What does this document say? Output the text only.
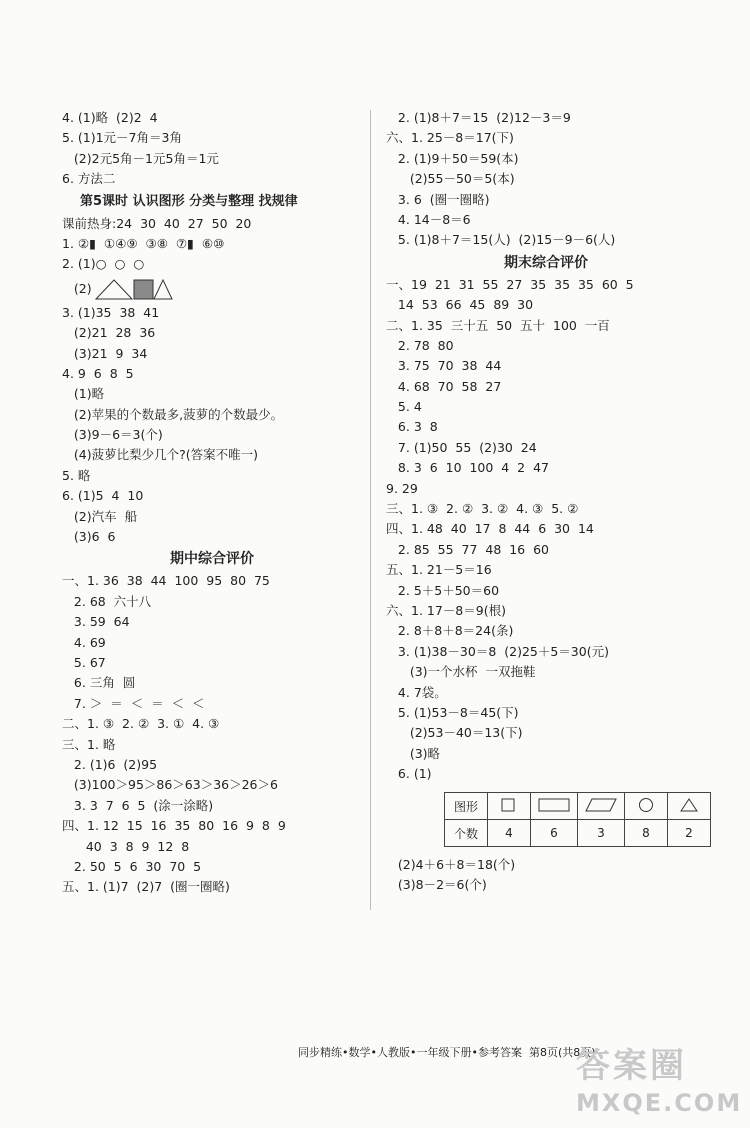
4. (1)略  (2)2  4
5. (1)1元－7角＝3角
(2)2元5角－1元5角＝1元
6. 方法二
第5课时 认识图形 分类与整理 找规律
课前热身:24  30  40  27  50  20
1. ②▮  ①④⑨  ③⑧  ⑦▮  ⑥⑩
2. (1)○  ○  ○
(2)
3. (1)35  38  41
(2)21  28  36
(3)21  9  34
4. 9  6  8  5
(1)略
(2)苹果的个数最多,菠萝的个数最少。
(3)9－6＝3(个)
(4)菠萝比梨少几个?(答案不唯一)
5. 略
6. (1)5  4  10
(2)汽车  船
(3)6  6
期中综合评价
一、1. 36  38  44  100  95  80  75
2. 68  六十八
3. 59  64
4. 69
5. 67
6. 三角  圆
7. ＞  ＝  ＜  ＝  ＜  ＜
二、1. ③  2. ②  3. ①  4. ③
三、1. 略
2. (1)6  (2)95
(3)100＞95＞86＞63＞36＞26＞6
3. 3  7  6  5  (涂一涂略)
四、1. 12  15  16  35  80  16  9  8  9
40  3  8  9  12  8
2. 50  5  6  30  70  5
五、1. (1)7  (2)7  (圈一圈略)
2. (1)8＋7＝15  (2)12－3＝9
六、1. 25－8＝17(下)
2. (1)9＋50＝59(本)
(2)55－50＝5(本)
3. 6  (圈一圈略)
4. 14－8＝6
5. (1)8＋7＝15(人)  (2)15－9－6(人)
期末综合评价
一、19  21  31  55  27  35  35  35  60  5
14  53  66  45  89  30
二、1. 35  三十五  50  五十  100  一百
2. 78  80
3. 75  70  38  44
4. 68  70  58  27
5. 4
6. 3  8
7. (1)50  55  (2)30  24
8. 3  6  10  100  4  2  47
9. 29
三、1. ③  2. ②  3. ②  4. ③  5. ②
四、1. 48  40  17  8  44  6  30  14
2. 85  55  77  48  16  60
五、1. 21－5＝16
2. 5＋5＋50＝60
六、1. 17－8＝9(根)
2. 8＋8＋8＝24(条)
3. (1)38－30＝8  (2)25＋5＝30(元)
(3)一个水杯  一双拖鞋
4. 7袋。
5. (1)53－8＝45(下)
(2)53－40＝13(下)
(3)略
6. (1)
图形					
个数	4	6	3	8	2
(2)4＋6＋8＝18(个)
(3)8－2＝6(个)
同步精练•数学•人教版•一年级下册•参考答案  第8页(共8页)
答案圈
MXQE.COM
